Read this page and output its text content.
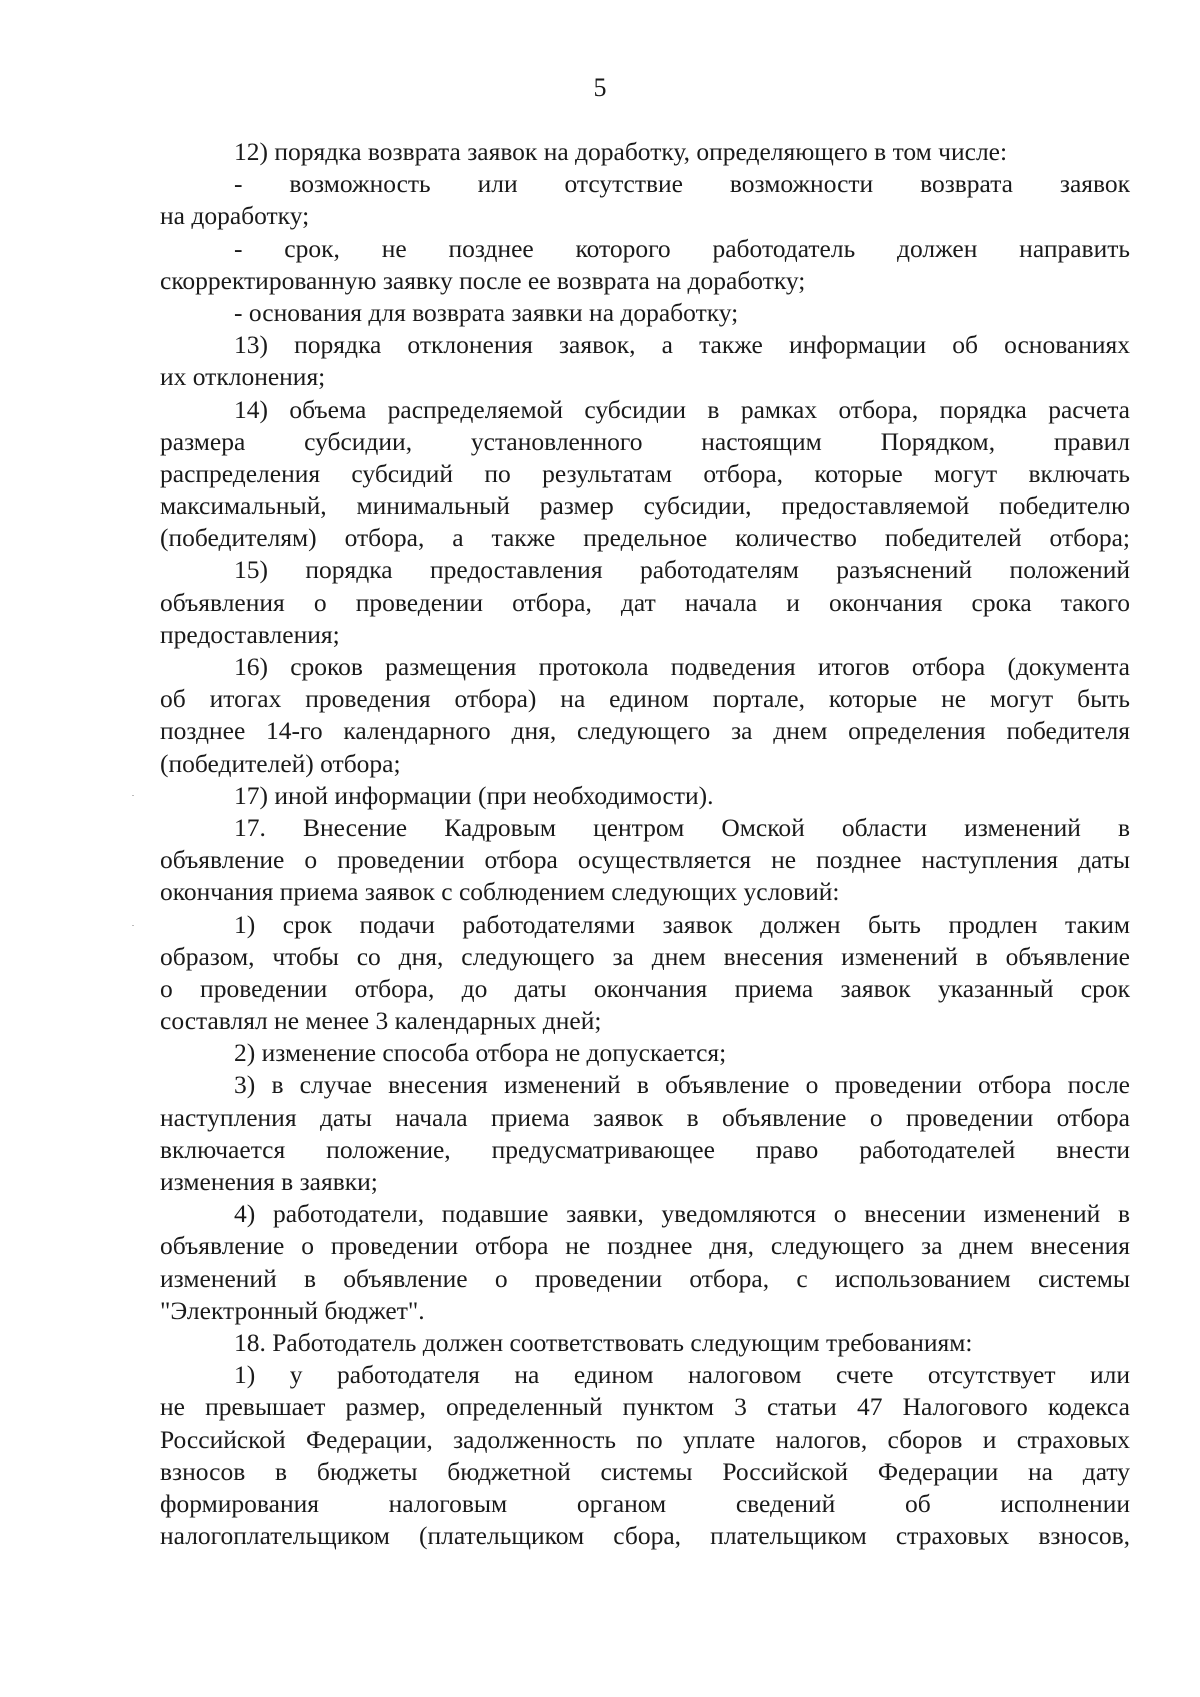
5
12) порядка возврата заявок на доработку, определяющего в том числе:
- возможность или отсутствие возможности возврата заявок
на доработку;
- срок, не позднее которого работодатель должен направить
скорректированную заявку после ее возврата на доработку;
- основания для возврата заявки на доработку;
13) порядка отклонения заявок, а также информации об основаниях
их отклонения;
14) объема распределяемой субсидии в рамках отбора, порядка расчета
размера субсидии, установленного настоящим Порядком, правил
распределения субсидий по результатам отбора, которые могут включать
максимальный, минимальный размер субсидии, предоставляемой победителю
(победителям) отбора, а также предельное количество победителей отбора;
15) порядка предоставления работодателям разъяснений положений
объявления о проведении отбора, дат начала и окончания срока такого
предоставления;
16) сроков размещения протокола подведения итогов отбора (документа
об итогах проведения отбора) на едином портале, которые не могут быть
позднее 14-го календарного дня, следующего за днем определения победителя
(победителей) отбора;
17) иной информации (при необходимости).
17. Внесение Кадровым центром Омской области изменений в
объявление о проведении отбора осуществляется не позднее наступления даты
окончания приема заявок с соблюдением следующих условий:
1) срок подачи работодателями заявок должен быть продлен таким
образом, чтобы со дня, следующего за днем внесения изменений в объявление
о проведении отбора, до даты окончания приема заявок указанный срок
составлял не менее 3 календарных дней;
2) изменение способа отбора не допускается;
3) в случае внесения изменений в объявление о проведении отбора после
наступления даты начала приема заявок в объявление о проведении отбора
включается положение, предусматривающее право работодателей внести
изменения в заявки;
4) работодатели, подавшие заявки, уведомляются о внесении изменений в
объявление о проведении отбора не позднее дня, следующего за днем внесения
изменений в объявление о проведении отбора, с использованием системы
"Электронный бюджет".
18. Работодатель должен соответствовать следующим требованиям:
1) у работодателя на едином налоговом счете отсутствует или
не превышает размер, определенный пунктом 3 статьи 47 Налогового кодекса
Российской Федерации, задолженность по уплате налогов, сборов и страховых
взносов в бюджеты бюджетной системы Российской Федерации на дату
формирования налоговым органом сведений об исполнении
налогоплательщиком (плательщиком сбора, плательщиком страховых взносов,
